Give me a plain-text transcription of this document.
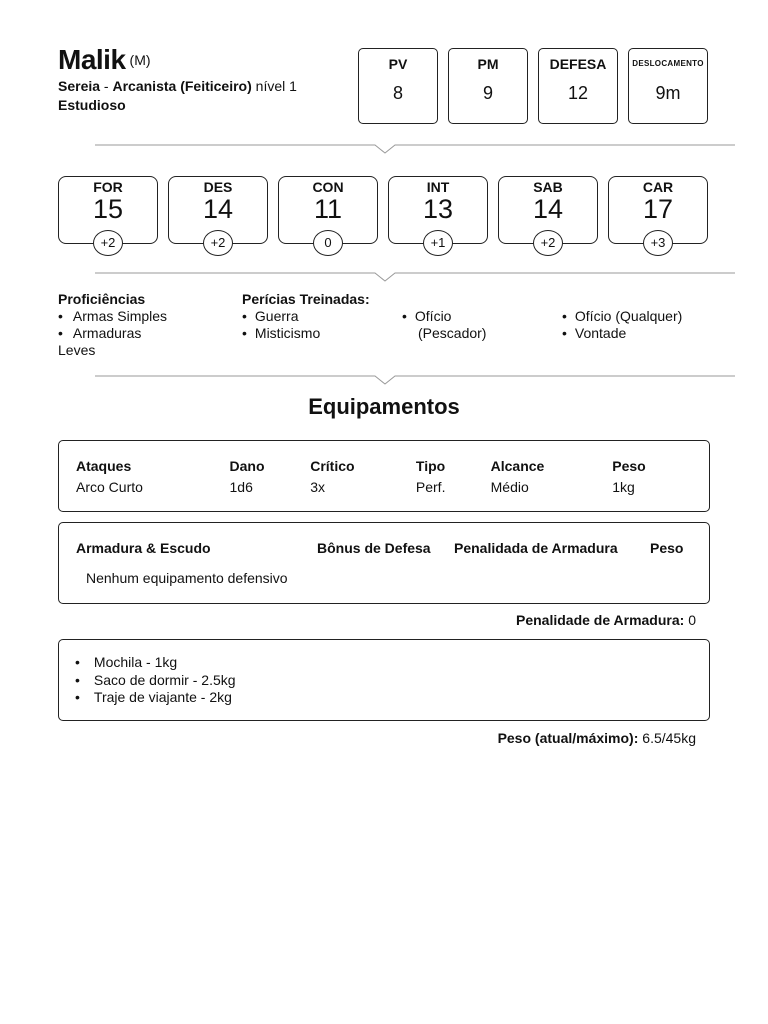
Malik (M)
Sereia - Arcanista (Feiticeiro) nível 1
Estudioso
PV
8
PM
9
DEFESA
12
DESLOCAMENTO
9m
FOR
15
+2
DES
14
+2
CON
11
0
INT
13
+1
SAB
14
+2
CAR
17
+3
Proficiências
• Armas Simples
• Armaduras Leves
Perícias Treinadas:
• Guerra
• Misticismo
• Ofício (Pescador)
• Ofício (Qualquer)
• Vontade
Equipamentos
Ataques	Dano	Crítico	Tipo	Alcance	Peso
Arco Curto	1d6	3x	Perf.	Médio	1kg
Armadura & Escudo	Bônus de Defesa	Penalidada de Armadura	Peso
Nenhum equipamento defensivo
Penalidade de Armadura: 0
• Mochila - 1kg
• Saco de dormir - 2.5kg
• Traje de viajante - 2kg
Peso (atual/máximo): 6.5/45kg
